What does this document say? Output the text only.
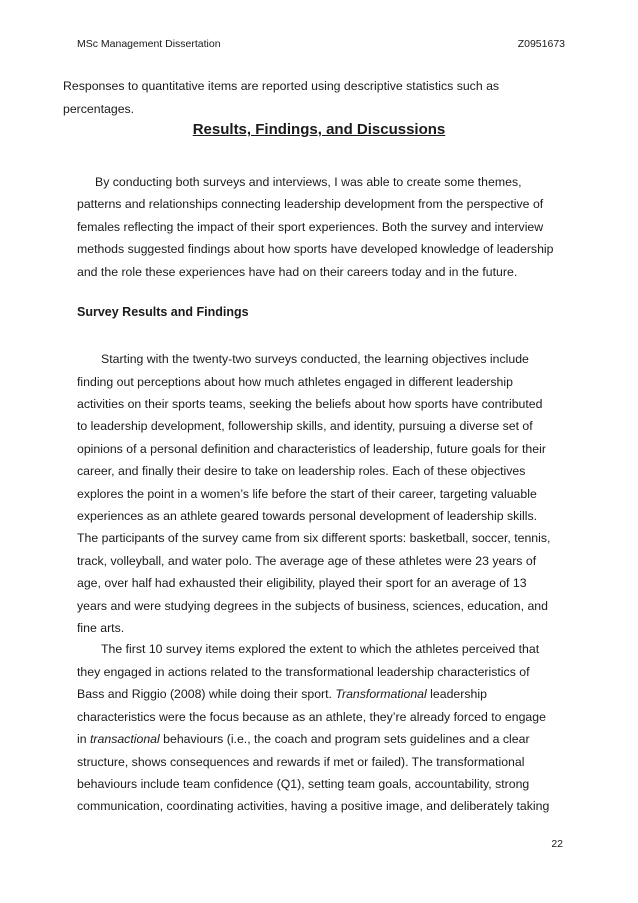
MSc Management Dissertation	Z0951673
Responses to quantitative items are reported using descriptive statistics such as
percentages.
Results, Findings, and Discussions
By conducting both surveys and interviews, I was able to create some themes,
patterns and relationships connecting leadership development from the perspective of
females reflecting the impact of their sport experiences. Both the survey and interview
methods suggested findings about how sports have developed knowledge of leadership
and the role these experiences have had on their careers today and in the future.
Survey Results and Findings
Starting with the twenty-two surveys conducted, the learning objectives include
finding out perceptions about how much athletes engaged in different leadership
activities on their sports teams, seeking the beliefs about how sports have contributed
to leadership development, followership skills, and identity, pursuing a diverse set of
opinions of a personal definition and characteristics of leadership, future goals for their
career, and finally their desire to take on leadership roles. Each of these objectives
explores the point in a women’s life before the start of their career, targeting valuable
experiences as an athlete geared towards personal development of leadership skills.
The participants of the survey came from six different sports: basketball, soccer, tennis,
track, volleyball, and water polo. The average age of these athletes were 23 years of
age, over half had exhausted their eligibility, played their sport for an average of 13
years and were studying degrees in the subjects of business, sciences, education, and
fine arts.
The first 10 survey items explored the extent to which the athletes perceived that
they engaged in actions related to the transformational leadership characteristics of
Bass and Riggio (2008) while doing their sport. Transformational leadership
characteristics were the focus because as an athlete, they’re already forced to engage
in transactional behaviours (i.e., the coach and program sets guidelines and a clear
structure, shows consequences and rewards if met or failed). The transformational
behaviours include team confidence (Q1), setting team goals, accountability, strong
communication, coordinating activities, having a positive image, and deliberately taking
22
